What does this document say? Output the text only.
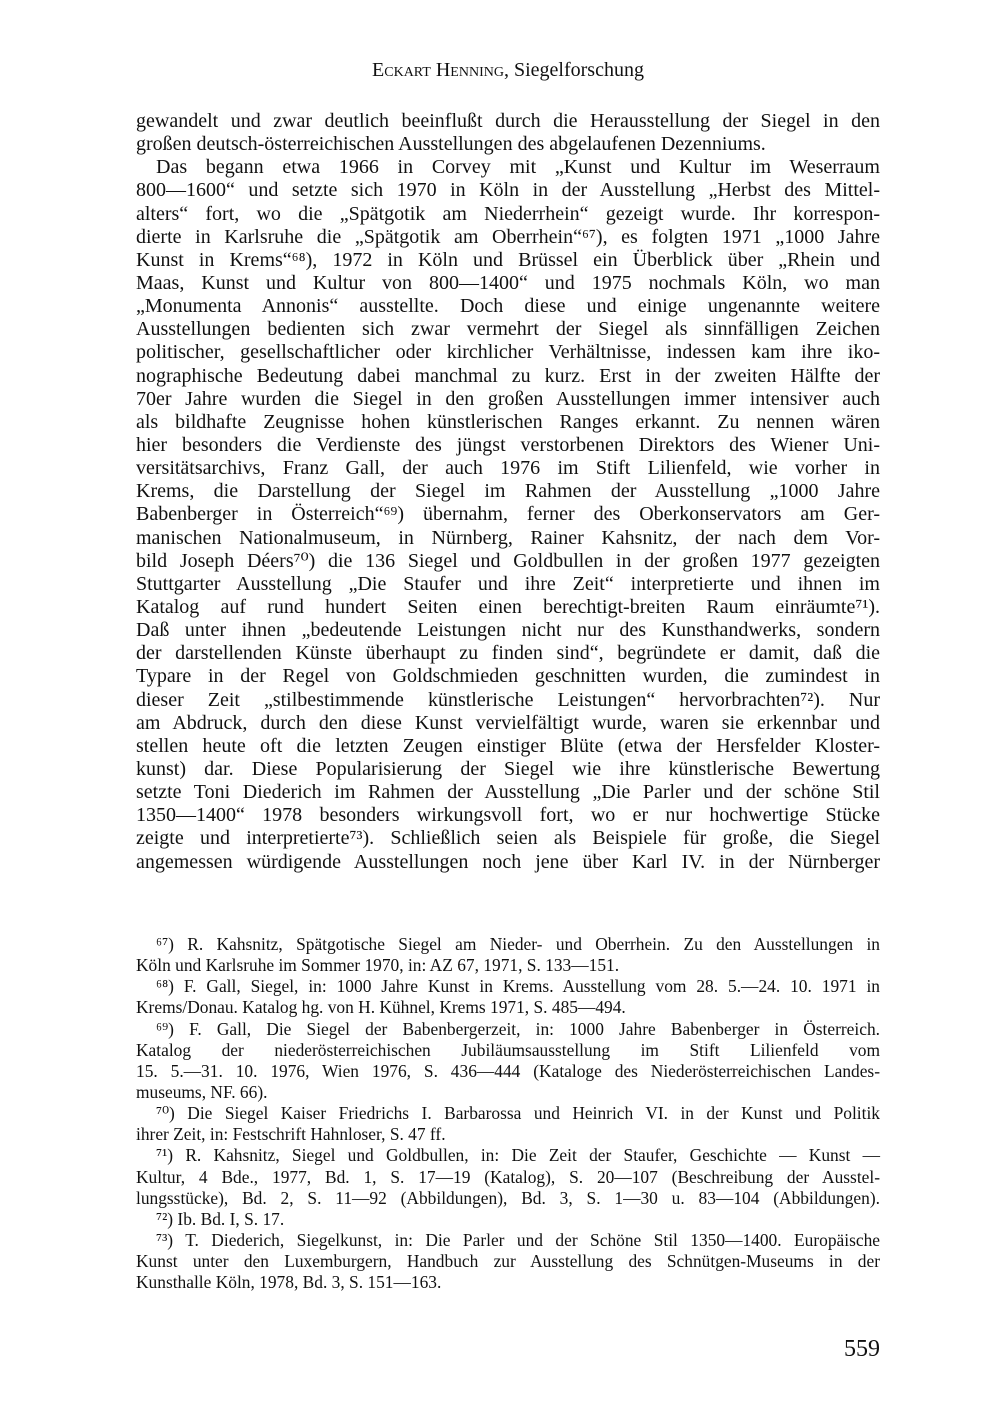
Eckart Henning, Siegelforschung
gewandelt und zwar deutlich beeinflußt durch die Herausstellung der Siegel in den
großen deutsch-österreichischen Ausstellungen des abgelaufenen Dezenniums.
Das begann etwa 1966 in Corvey mit „Kunst und Kultur im Weserraum
800—1600“ und setzte sich 1970 in Köln in der Ausstellung „Herbst des Mittel-
alters“ fort, wo die „Spätgotik am Niederrhein“ gezeigt wurde. Ihr korrespon-
dierte in Karlsruhe die „Spätgotik am Oberrhein“⁶⁷), es folgten 1971 „1000 Jahre
Kunst in Krems“⁶⁸), 1972 in Köln und Brüssel ein Überblick über „Rhein und
Maas, Kunst und Kultur von 800—1400“ und 1975 nochmals Köln, wo man
„Monumenta Annonis“ ausstellte. Doch diese und einige ungenannte weitere
Ausstellungen bedienten sich zwar vermehrt der Siegel als sinnfälligen Zeichen
politischer, gesellschaftlicher oder kirchlicher Verhältnisse, indessen kam ihre iko-
nographische Bedeutung dabei manchmal zu kurz. Erst in der zweiten Hälfte der
70er Jahre wurden die Siegel in den großen Ausstellungen immer intensiver auch
als bildhafte Zeugnisse hohen künstlerischen Ranges erkannt. Zu nennen wären
hier besonders die Verdienste des jüngst verstorbenen Direktors des Wiener Uni-
versitätsarchivs, Franz Gall, der auch 1976 im Stift Lilienfeld, wie vorher in
Krems, die Darstellung der Siegel im Rahmen der Ausstellung „1000 Jahre
Babenberger in Österreich“⁶⁹) übernahm, ferner des Oberkonservators am Ger-
manischen Nationalmuseum, in Nürnberg, Rainer Kahsnitz, der nach dem Vor-
bild Joseph Déers⁷⁰) die 136 Siegel und Goldbullen in der großen 1977 gezeigten
Stuttgarter Ausstellung „Die Staufer und ihre Zeit“ interpretierte und ihnen im
Katalog auf rund hundert Seiten einen berechtigt-breiten Raum einräumte⁷¹).
Daß unter ihnen „bedeutende Leistungen nicht nur des Kunsthandwerks, sondern
der darstellenden Künste überhaupt zu finden sind“, begründete er damit, daß die
Typare in der Regel von Goldschmieden geschnitten wurden, die zumindest in
dieser Zeit „stilbestimmende künstlerische Leistungen“ hervorbrachten⁷²). Nur
am Abdruck, durch den diese Kunst vervielfältigt wurde, waren sie erkennbar und
stellen heute oft die letzten Zeugen einstiger Blüte (etwa der Hersfelder Kloster-
kunst) dar. Diese Popularisierung der Siegel wie ihre künstlerische Bewertung
setzte Toni Diederich im Rahmen der Ausstellung „Die Parler und der schöne Stil
1350—1400“ 1978 besonders wirkungsvoll fort, wo er nur hochwertige Stücke
zeigte und interpretierte⁷³). Schließlich seien als Beispiele für große, die Siegel
angemessen würdigende Ausstellungen noch jene über Karl IV. in der Nürnberger
⁶⁷) R. Kahsnitz, Spätgotische Siegel am Nieder- und Oberrhein. Zu den Ausstellungen in
Köln und Karlsruhe im Sommer 1970, in: AZ 67, 1971, S. 133—151.
⁶⁸) F. Gall, Siegel, in: 1000 Jahre Kunst in Krems. Ausstellung vom 28. 5.—24. 10. 1971 in
Krems/Donau. Katalog hg. von H. Kühnel, Krems 1971, S. 485—494.
⁶⁹) F. Gall, Die Siegel der Babenbergerzeit, in: 1000 Jahre Babenberger in Österreich.
Katalog der niederösterreichischen Jubiläumsausstellung im Stift Lilienfeld vom
15. 5.—31. 10. 1976, Wien 1976, S. 436—444 (Kataloge des Niederösterreichischen Landes-
museums, NF. 66).
⁷⁰) Die Siegel Kaiser Friedrichs I. Barbarossa und Heinrich VI. in der Kunst und Politik
ihrer Zeit, in: Festschrift Hahnloser, S. 47 ff.
⁷¹) R. Kahsnitz, Siegel und Goldbullen, in: Die Zeit der Staufer, Geschichte — Kunst —
Kultur, 4 Bde., 1977, Bd. 1, S. 17—19 (Katalog), S. 20—107 (Beschreibung der Ausstel-
lungsstücke), Bd. 2, S. 11—92 (Abbildungen), Bd. 3, S. 1—30 u. 83—104 (Abbildungen).
⁷²) Ib. Bd. I, S. 17.
⁷³) T. Diederich, Siegelkunst, in: Die Parler und der Schöne Stil 1350—1400. Europäische
Kunst unter den Luxemburgern, Handbuch zur Ausstellung des Schnütgen-Museums in der
Kunsthalle Köln, 1978, Bd. 3, S. 151—163.
559
